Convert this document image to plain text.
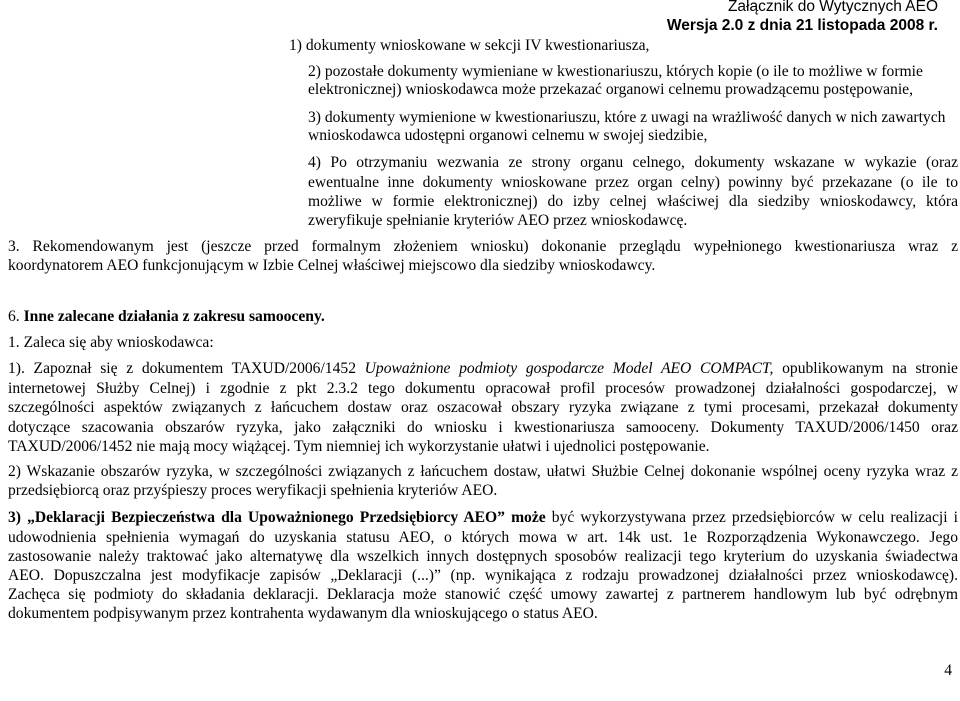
Załącznik do Wytycznych AEO
Wersja 2.0 z dnia 21 listopada 2008 r.
1) dokumenty wnioskowane w sekcji IV kwestionariusza,
2) pozostałe dokumenty wymieniane w kwestionariuszu, których kopie (o ile to możliwe w formie
elektronicznej) wnioskodawca może przekazać organowi celnemu prowadzącemu postępowanie,
3) dokumenty wymienione w kwestionariuszu, które z uwagi na wrażliwość danych w nich zawartych
wnioskodawca udostępni organowi celnemu w swojej siedzibie,
4) Po otrzymaniu wezwania ze strony organu celnego, dokumenty wskazane w wykazie (oraz
ewentualne inne dokumenty wnioskowane przez organ celny) powinny być przekazane (o ile to
możliwe w formie elektronicznej) do izby celnej właściwej dla siedziby wnioskodawcy, która
zweryfikuje spełnianie kryteriów AEO przez wnioskodawcę.
3. Rekomendowanym jest (jeszcze przed formalnym złożeniem wniosku) dokonanie przeglądu wypełnionego kwestionariusza wraz z
koordynatorem AEO funkcjonującym w Izbie Celnej właściwej miejscowo dla siedziby wnioskodawcy.
6. Inne zalecane działania z zakresu samooceny.
1. Zaleca się aby wnioskodawca:
1). Zapoznał się z dokumentem TAXUD/2006/1452 Upoważnione podmioty gospodarcze Model AEO COMPACT, opublikowanym na stronie
internetowej Służby Celnej) i zgodnie z pkt 2.3.2 tego dokumentu opracował profil procesów prowadzonej działalności gospodarczej, w
szczególności aspektów związanych z łańcuchem dostaw oraz oszacował obszary ryzyka związane z tymi procesami, przekazał dokumenty
dotyczące szacowania obszarów ryzyka, jako załączniki do wniosku i kwestionariusza samooceny. Dokumenty TAXUD/2006/1450 oraz
TAXUD/2006/1452 nie mają mocy wiążącej. Tym niemniej ich wykorzystanie ułatwi i ujednolici postępowanie.
2) Wskazanie obszarów ryzyka, w szczególności związanych z łańcuchem dostaw, ułatwi Służbie Celnej dokonanie wspólnej oceny ryzyka wraz z
przedsiębiorcą oraz przyśpieszy proces weryfikacji spełnienia kryteriów AEO.
3) „Deklaracji Bezpieczeństwa dla Upoważnionego Przedsiębiorcy AEO” może być wykorzystywana przez przedsiębiorców w celu realizacji i
udowodnienia spełnienia wymagań do uzyskania statusu AEO, o których mowa w art. 14k ust. 1e Rozporządzenia Wykonawczego. Jego
zastosowanie należy traktować jako alternatywę dla wszelkich innych dostępnych sposobów realizacji tego kryterium do uzyskania świadectwa
AEO. Dopuszczalna jest modyfikacje zapisów „Deklaracji (...)” (np. wynikająca z rodzaju prowadzonej działalności przez wnioskodawcę).
Zachęca się podmioty do składania deklaracji. Deklaracja może stanowić część umowy zawartej z partnerem handlowym lub być odrębnym
dokumentem podpisywanym przez kontrahenta wydawanym dla wnioskującego o status AEO.
4
